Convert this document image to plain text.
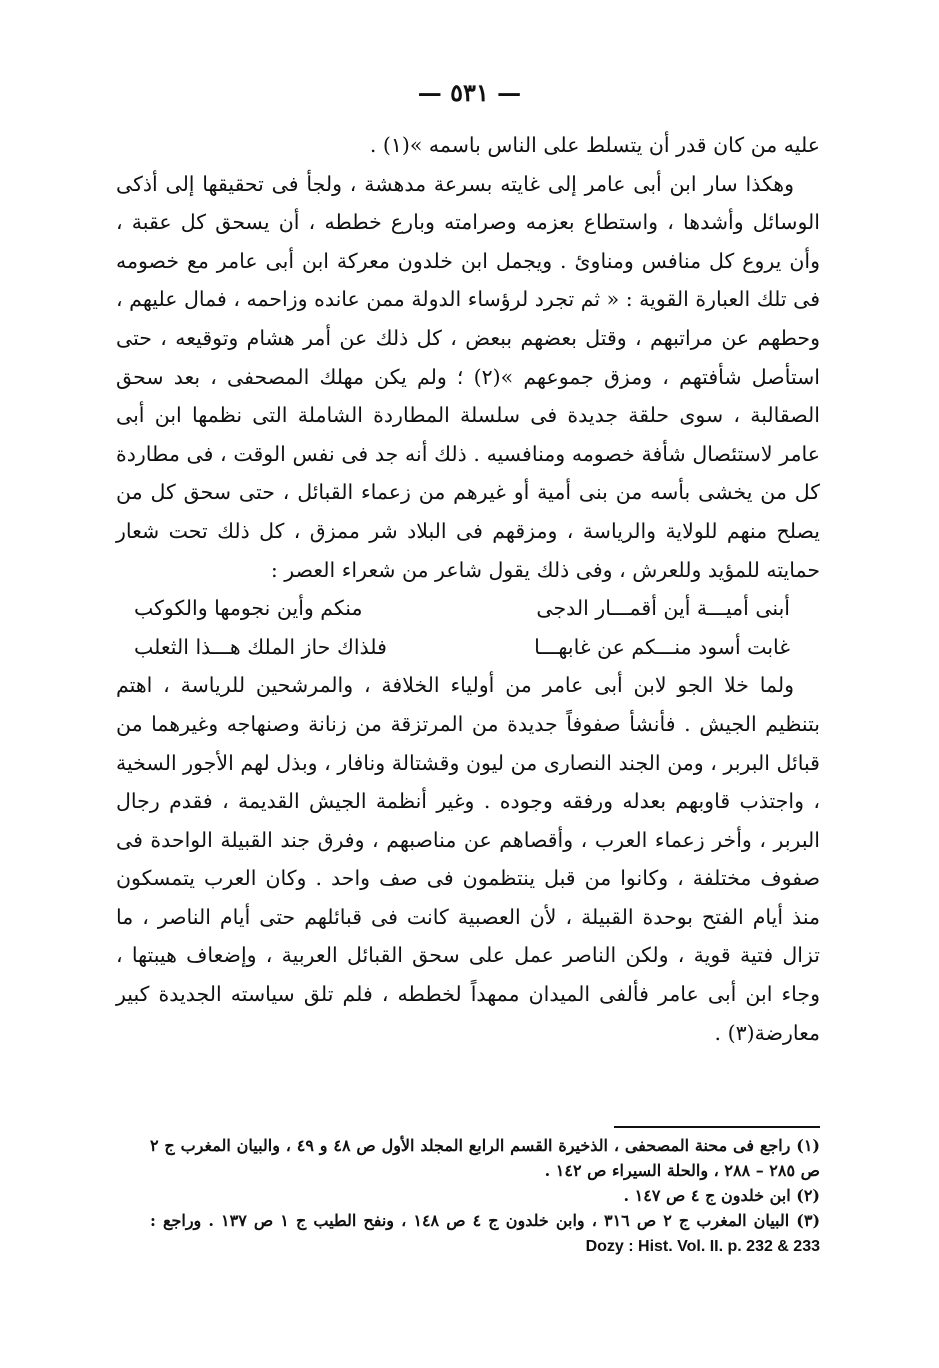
— ٥٣١ —

عليه من كان قدر أن يتسلط على الناس باسمه »(١) .

وهكذا سار ابن أبى عامر إلى غايته بسرعة مدهشة ، ولجأ فى تحقيقها إلى أذكى الوسائل وأشدها ، واستطاع بعزمه وصرامته وبارع خططه ، أن يسحق كل عقبة ، وأن يروع كل منافس ومناوئ . ويجمل ابن خلدون معركة ابن أبى عامر مع خصومه فى تلك العبارة القوية : « ثم تجرد لرؤساء الدولة ممن عانده وزاحمه ، فمال عليهم ، وحطهم عن مراتبهم ، وقتل بعضهم ببعض ، كل ذلك عن أمر هشام وتوقيعه ، حتى استأصل شأفتهم ، ومزق جموعهم »(٢) ؛ ولم يكن مهلك المصحفى ، بعد سحق الصقالبة ، سوى حلقة جديدة فى سلسلة المطاردة الشاملة التى نظمها ابن أبى عامر لاستئصال شأفة خصومه ومنافسيه . ذلك أنه جد فى نفس الوقت ، فى مطاردة كل من يخشى بأسه من بنى أمية أو غيرهم من زعماء القبائل ، حتى سحق كل من يصلح منهم للولاية والرياسة ، ومزقهم فى البلاد شر ممزق ، كل ذلك تحت شعار حمايته للمؤيد وللعرش ، وفى ذلك يقول شاعر من شعراء العصر :

أبنى أميـــة أين أقمـــار الدجى
منكم وأين نجومها والكوكب
غابت أسود منـــكم عن غابهـــا
فلذاك حاز الملك هـــذا الثعلب

ولما خلا الجو لابن أبى عامر من أولياء الخلافة ، والمرشحين للرياسة ، اهتم بتنظيم الجيش . فأنشأ صفوفاً جديدة من المرتزقة من زنانة وصنهاجه وغيرهما من قبائل البربر ، ومن الجند النصارى من ليون وقشتالة ونافار ، وبذل لهم الأجور السخية ، واجتذب قاوبهم بعدله ورفقه وجوده . وغير أنظمة الجيش القديمة ، فقدم رجال البربر ، وأخر زعماء العرب ، وأقصاهم عن مناصبهم ، وفرق جند القبيلة الواحدة فى صفوف مختلفة ، وكانوا من قبل ينتظمون فى صف واحد . وكان العرب يتمسكون منذ أيام الفتح بوحدة القبيلة ، لأن العصبية كانت فى قبائلهم حتى أيام الناصر ، ما تزال فتية قوية ، ولكن الناصر عمل على سحق القبائل العربية ، وإضعاف هيبتها ، وجاء ابن أبى عامر فألفى الميدان ممهداً لخططه ، فلم تلق سياسته الجديدة كبير معارضة(٣) .

(١) راجع فى محنة المصحفى ، الذخيرة القسم الرابع المجلد الأول ص ٤٨ و ٤٩ ، والبيان المغرب ج ٢ ص ٢٨٥ – ٢٨٨ ، والحلة السيراء ص ١٤٢ .

(٢) ابن خلدون ج ٤ ص ١٤٧ .

(٣) البيان المغرب ج ٢ ص ٣١٦ ، وابن خلدون ج ٤ ص ١٤٨ ، ونفح الطيب ج ١ ص ١٣٧ . وراجع : Dozy : Hist. Vol. II. p. 232 & 233
